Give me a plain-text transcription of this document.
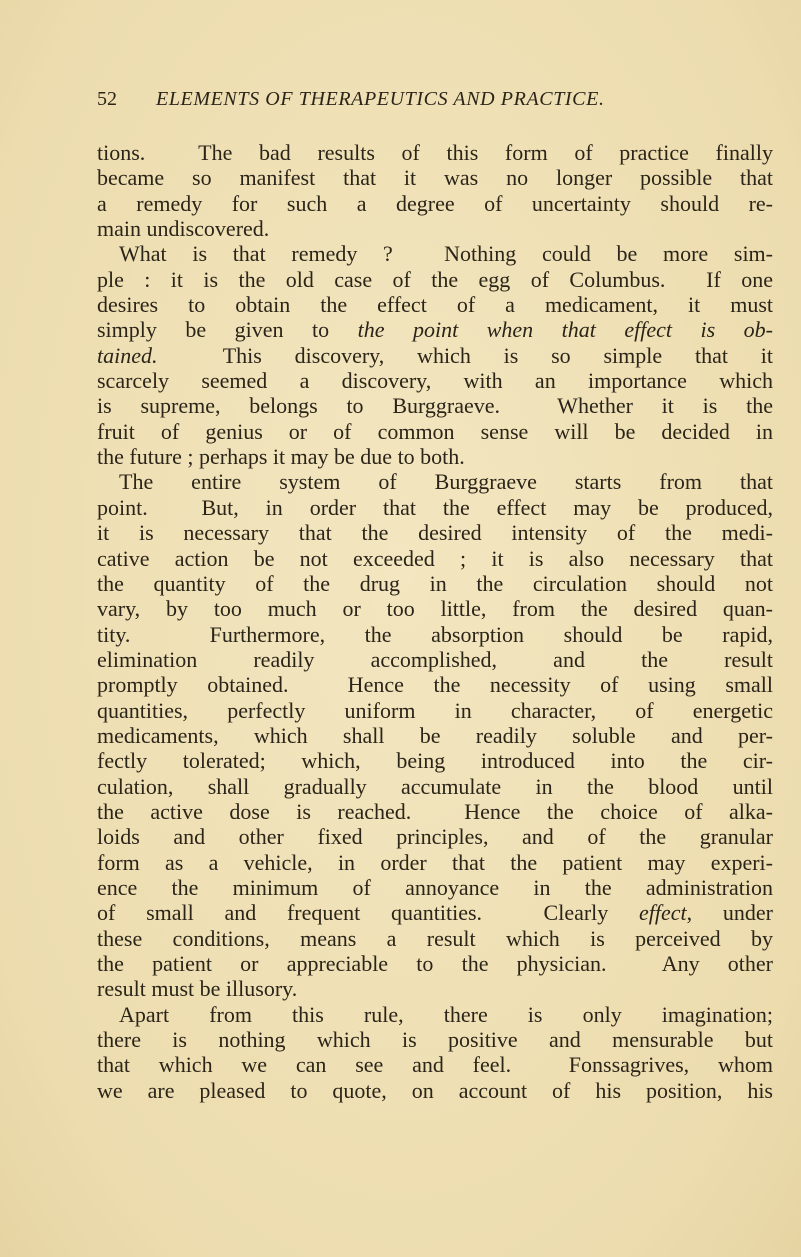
52 ELEMENTS OF THERAPEUTICS AND PRACTICE.
tions.  The bad results of this form of practice finally
became so manifest that it was no longer possible that
a remedy for such a degree of uncertainty should re-
main undiscovered.
What is that remedy ?  Nothing could be more sim-
ple : it is the old case of the egg of Columbus.  If one
desires to obtain the effect of a medicament, it must
simply be given to the point when that effect is ob-
tained.  This discovery, which is so simple that it
scarcely seemed a discovery, with an importance which
is supreme, belongs to Burggraeve.  Whether it is the
fruit of genius or of common sense will be decided in
the future ; perhaps it may be due to both.
The entire system of Burggraeve starts from that
point.  But, in order that the effect may be produced,
it is necessary that the desired intensity of the medi-
cative action be not exceeded ; it is also necessary that
the quantity of the drug in the circulation should not
vary, by too much or too little, from the desired quan-
tity.  Furthermore, the absorption should be rapid,
elimination readily accomplished, and the result
promptly obtained.  Hence the necessity of using small
quantities, perfectly uniform in character, of energetic
medicaments, which shall be readily soluble and per-
fectly tolerated; which, being introduced into the cir-
culation, shall gradually accumulate in the blood until
the active dose is reached.  Hence the choice of alka-
loids and other fixed principles, and of the granular
form as a vehicle, in order that the patient may experi-
ence the minimum of annoyance in the administration
of small and frequent quantities.  Clearly effect, under
these conditions, means a result which is perceived by
the patient or appreciable to the physician.  Any other
result must be illusory.
Apart from this rule, there is only imagination;
there is nothing which is positive and mensurable but
that which we can see and feel.  Fonssagrives, whom
we are pleased to quote, on account of his position, his
